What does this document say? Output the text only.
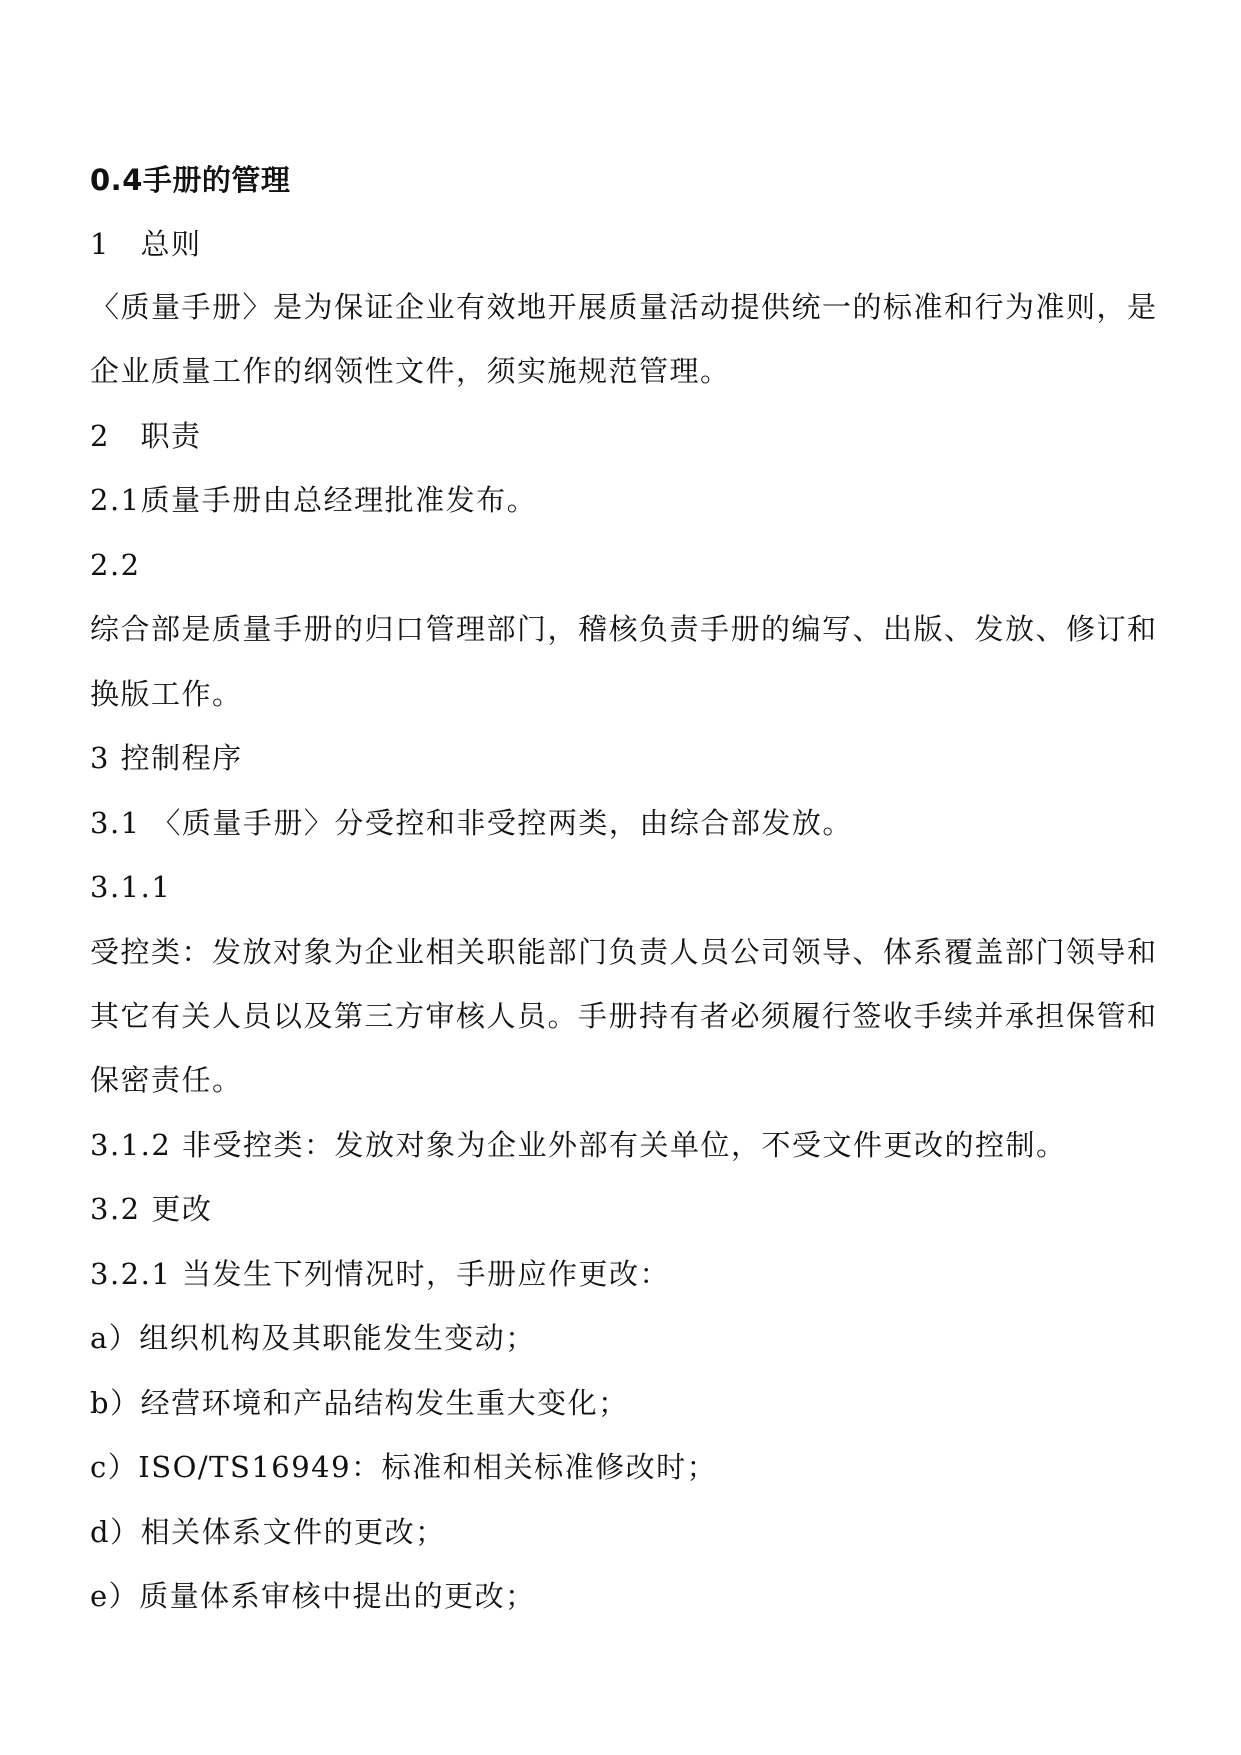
0.4手册的管理
1　总则
〈质量手册〉是为保证企业有效地开展质量活动提供统一的标准和行为准则，是
企业质量工作的纲领性文件，须实施规范管理。
2　职责
2.1质量手册由总经理批准发布。
2.2
综合部是质量手册的归口管理部门，稽核负责手册的编写、出版、发放、修订和
换版工作。
3 控制程序
3.1 〈质量手册〉分受控和非受控两类，由综合部发放。
3.1.1
受控类：发放对象为企业相关职能部门负责人员公司领导、体系覆盖部门领导和
其它有关人员以及第三方审核人员。手册持有者必须履行签收手续并承担保管和
保密责任。
3.1.2 非受控类：发放对象为企业外部有关单位，不受文件更改的控制。
3.2 更改
3.2.1 当发生下列情况时，手册应作更改：
a）组织机构及其职能发生变动；
b）经营环境和产品结构发生重大变化；
c）ISO/TS16949：标准和相关标准修改时；
d）相关体系文件的更改；
e）质量体系审核中提出的更改；
